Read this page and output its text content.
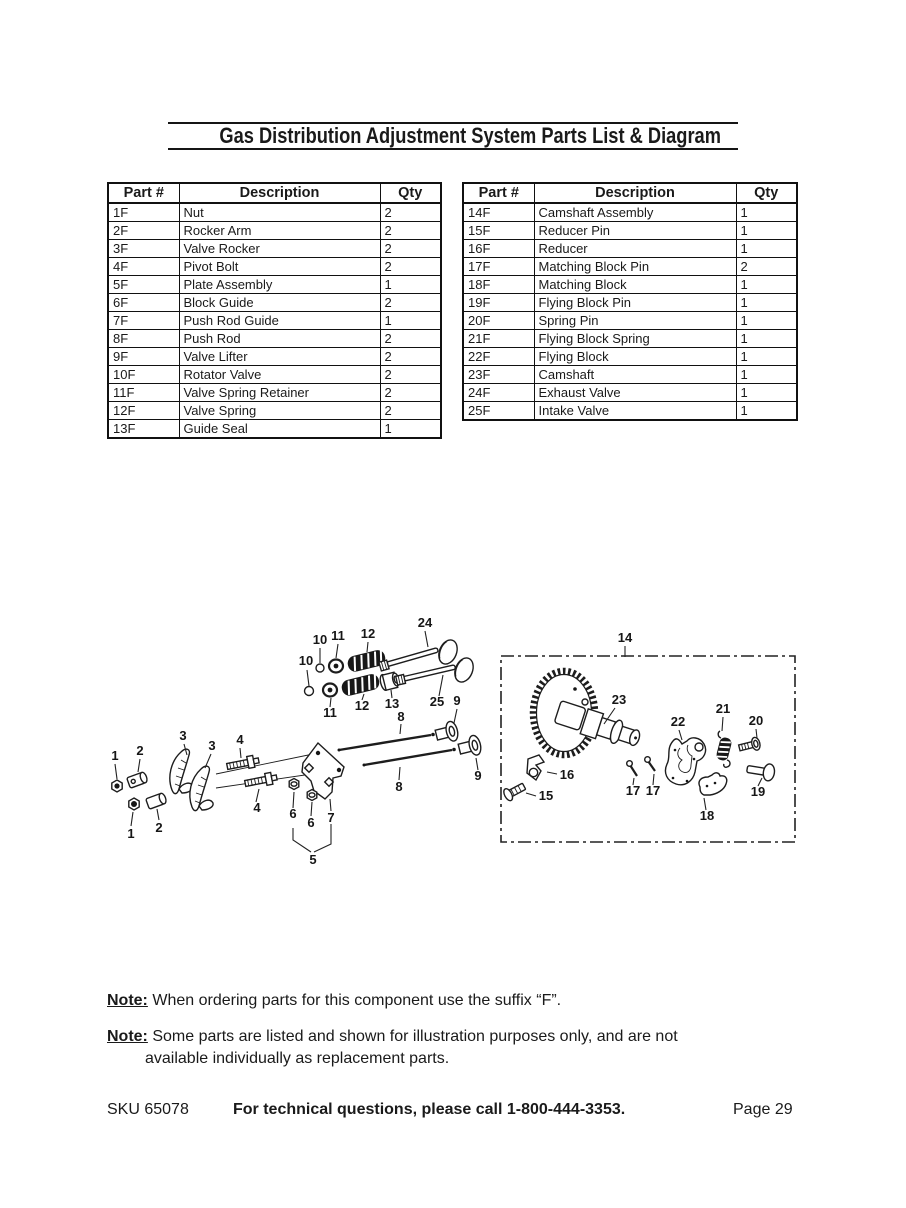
Gas Distribution Adjustment System Parts List & Diagram
Part #	Description	Qty
1F	Nut	2
2F	Rocker Arm	2
3F	Valve Rocker	2
4F	Pivot Bolt	2
5F	Plate Assembly	1
6F	Block Guide	2
7F	Push Rod Guide	1
8F	Push Rod	2
9F	Valve Lifter	2
10F	Rotator Valve	2
11F	Valve Spring Retainer	2
12F	Valve Spring	2
13F	Guide Seal	1
Part #	Description	Qty
14F	Camshaft Assembly	1
15F	Reducer Pin	1
16F	Reducer	1
17F	Matching Block Pin	2
18F	Matching Block	1
19F	Flying Block Pin	1
20F	Spring Pin	1
21F	Flying Block Spring	1
22F	Flying Block	1
23F	Camshaft	1
24F	Exhaust Valve	1
25F	Intake Valve	1
1 2
1 2
3
3 4
4
5
6
6 7
8
8
9
9
10
10
11
11
12
12 13
24
25
14
15
16
17 17
18
19
20
21
22
23
Note: When ordering parts for this component use the suffix “F”.
Note: Some parts are listed and shown for illustration purposes only, and are not
available individually as replacement parts.
SKU 65078	For technical questions, please call 1-800-444-3353.	Page 29
